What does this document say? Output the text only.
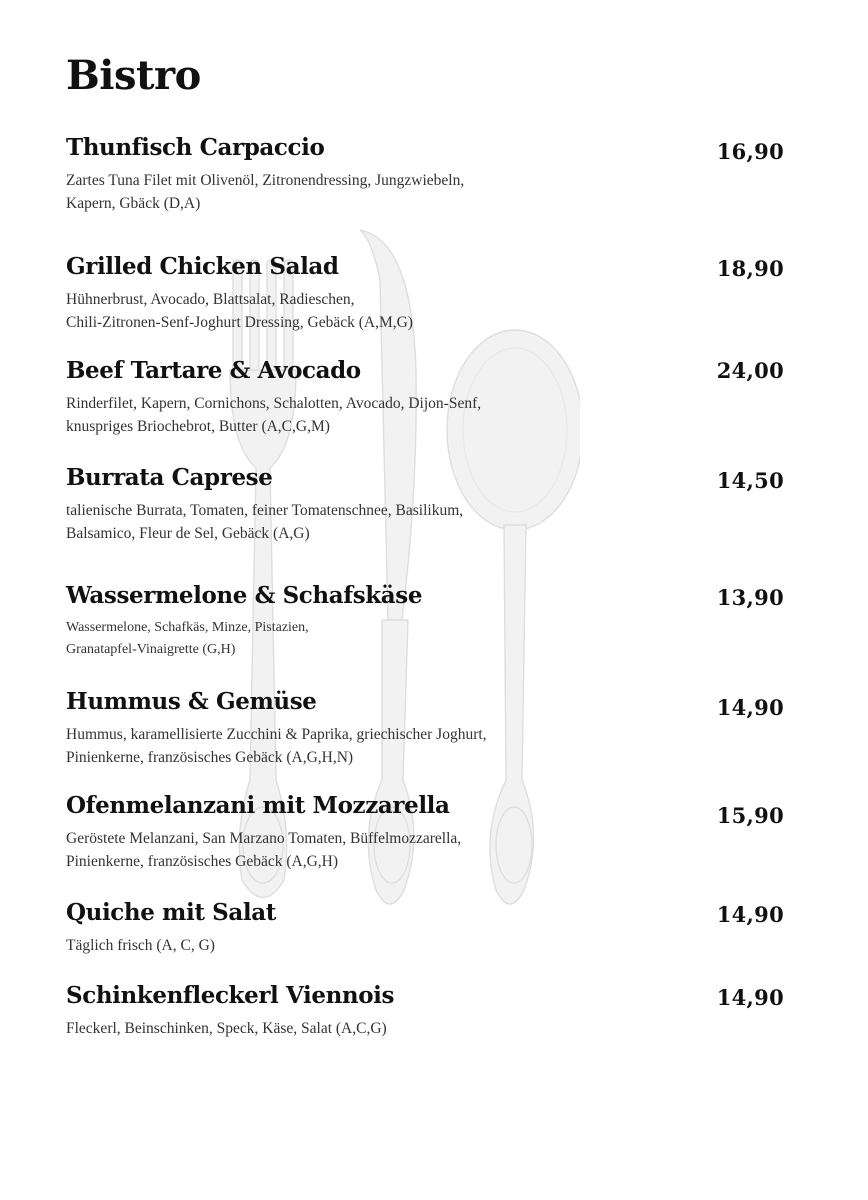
Bistro
Thunfisch Carpaccio	16,90
Zartes Tuna Filet mit Olivenöl, Zitronendressing, Jungzwiebeln,
Kapern, Gbäck (D,A)
Grilled Chicken Salad	18,90
Hühnerbrust, Avocado, Blattsalat, Radieschen,
Chili-Zitronen-Senf-Joghurt Dressing, Gebäck (A,M,G)
Beef Tartare & Avocado	24,00
Rinderfilet, Kapern, Cornichons, Schalotten, Avocado, Dijon-Senf,
knuspriges Briochebrot, Butter (A,C,G,M)
Burrata Caprese	14,50
talienische Burrata, Tomaten, feiner Tomatenschnee, Basilikum,
Balsamico, Fleur de Sel, Gebäck (A,G)
Wassermelone & Schafskäse	13,90
Wassermelone, Schafkäs, Minze, Pistazien,
Granatapfel-Vinaigrette (G,H)
Hummus & Gemüse	14,90
Hummus, karamellisierte Zucchini & Paprika, griechischer Joghurt,
Pinienkerne, französisches Gebäck (A,G,H,N)
Ofenmelanzani mit Mozzarella	15,90
Geröstete Melanzani, San Marzano Tomaten, Büffelmozzarella,
Pinienkerne, französisches Gebäck (A,G,H)
Quiche mit Salat	14,90
Täglich frisch (A, C, G)
Schinkenfleckerl Viennois	14,90
Fleckerl, Beinschinken, Speck, Käse, Salat (A,C,G)
